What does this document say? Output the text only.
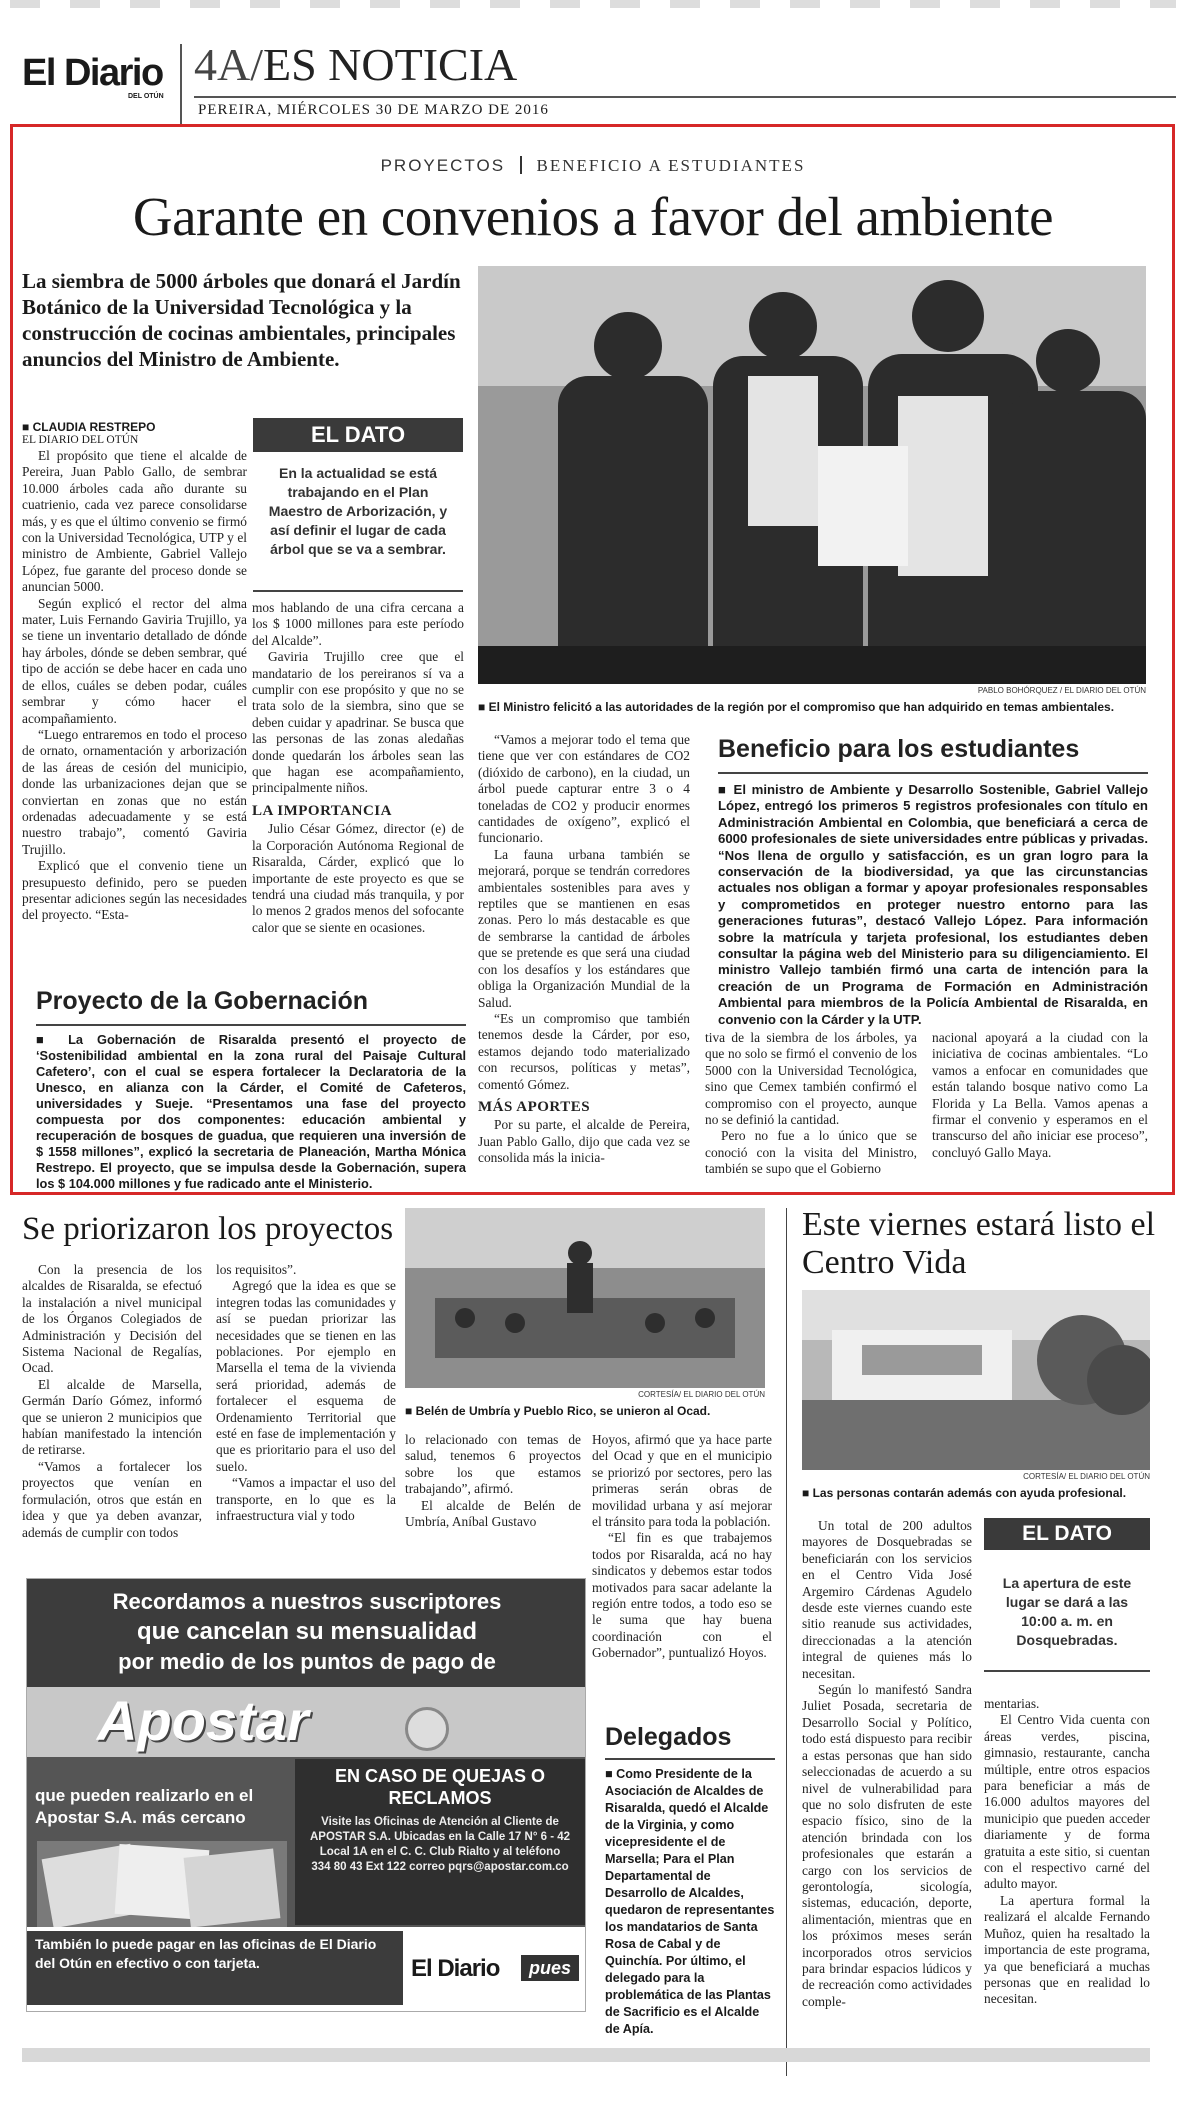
El Diario
DEL OTÚN
4A/ES NOTICIA
PEREIRA, MIÉRCOLES 30 DE MARZO DE 2016
PROYECTOS BENEFICIO A ESTUDIANTES
Garante en convenios a favor del ambiente
La siembra de 5000 árboles que donará el Jardín Botánico de la Universidad Tecnológica y la construcción de cocinas ambientales, principales anuncios del Ministro de Ambiente.
■ CLAUDIA RESTREPO
EL DIARIO DEL OTÚN

El propósito que tiene el alcalde de Pereira, Juan Pablo Gallo, de sembrar 10.000 árboles cada año durante su cuatrienio, cada vez parece consolidarse más, y es que el último convenio se firmó con la Universidad Tecnológica, UTP y el ministro de Ambiente, Gabriel Vallejo López, fue garante del proceso donde se anuncian 5000.

Según explicó el rector del alma mater, Luis Fernando Gaviria Trujillo, ya se tiene un inventario detallado de dónde hay árboles, dónde se deben sembrar, qué tipo de acción se debe hacer en cada uno de ellos, cuáles se deben podar, cuáles sembrar y cómo hacer el acompañamiento.

“Luego entraremos en todo el proceso de ornato, ornamentación y arborización de las áreas de cesión del municipio, donde las urbanizaciones dejan que se conviertan en zonas que no están ordenadas adecuadamente y se está nuestro trabajo”, comentó Gaviria Trujillo.

Explicó que el convenio tiene un presupuesto definido, pero se pueden presentar adiciones según las necesidades del proyecto. “Esta-

EL DATO
En la actualidad se está trabajando en el Plan Maestro de Arborización, y así definir el lugar de cada árbol que se va a sembrar.

mos hablando de una cifra cercana a los $ 1000 millones para este período del Alcalde”.

Gaviria Trujillo cree que el mandatario de los pereiranos sí va a cumplir con ese propósito y que no se trata solo de la siembra, sino que se deben cuidar y apadrinar. Se busca que las personas de las zonas aledañas donde quedarán los árboles sean las que hagan ese acompañamiento, principalmente niños.

LA IMPORTANCIA

Julio César Gómez, director (e) de la Corporación Autónoma Regional de Risaralda, Cárder, explicó que lo importante de este proyecto es que se tendrá una ciudad más tranquila, y por lo menos 2 grados menos del sofocante calor que se siente en ocasiones.

PABLO BOHÓRQUEZ / EL DIARIO DEL OTÚN
■ El Ministro felicitó a las autoridades de la región por el compromiso que han adquirido en temas ambientales.

“Vamos a mejorar todo el tema que tiene que ver con estándares de CO2 (dióxido de carbono), en la ciudad, un árbol puede capturar entre 3 o 4 toneladas de CO2 y producir enormes cantidades de oxígeno”, explicó el funcionario.

La fauna urbana también se mejorará, porque se tendrán corredores ambientales sostenibles para aves y reptiles que se mantienen en esas zonas. Pero lo más destacable es que de sembrarse la cantidad de árboles que se pretende es que será una ciudad con los desafíos y los estándares que obliga la Organización Mundial de la Salud.

“Es un compromiso que también tenemos desde la Cárder, por eso, estamos dejando todo materializado con recursos, políticas y metas”, comentó Gómez.

MÁS APORTES

Por su parte, el alcalde de Pereira, Juan Pablo Gallo, dijo que cada vez se consolida más la inicia-

Beneficio para los estudiantes
■ El ministro de Ambiente y Desarrollo Sostenible, Gabriel Vallejo López, entregó los primeros 5 registros profesionales con título en Administración Ambiental en Colombia, que beneficiará a cerca de 6000 profesionales de siete universidades entre públicas y privadas. “Nos llena de orgullo y satisfacción, es un gran logro para la conservación de la biodiversidad, ya que las circunstancias actuales nos obligan a formar y apoyar profesionales responsables y comprometidos en proteger nuestro entorno para las generaciones futuras”, destacó Vallejo López. Para información sobre la matrícula y tarjeta profesional, los estudiantes deben consultar la página web del Ministerio para su diligenciamiento. El ministro Vallejo también firmó una carta de intención para la creación de un Programa de Formación en Administración Ambiental para miembros de la Policía Ambiental de Risaralda, en convenio con la Cárder y la UTP.

tiva de la siembra de los árboles, ya que no solo se firmó el convenio de los 5000 con la Universidad Tecnológica, sino que Cemex también confirmó el compromiso con el proyecto, aunque no se definió la cantidad.

Pero no fue a lo único que se conoció con la visita del Ministro, también se supo que el Gobierno

nacional apoyará a la ciudad con la iniciativa de cocinas ambientales. “Lo vamos a enfocar en comunidades que están talando bosque nativo como La Florida y La Bella. Vamos apenas a firmar el convenio y esperamos en el transcurso del año iniciar ese proceso”, concluyó Gallo Maya.

Proyecto de la Gobernación
■ La Gobernación de Risaralda presentó el proyecto de ‘Sostenibilidad ambiental en la zona rural del Paisaje Cultural Cafetero’, con el cual se espera fortalecer la Declaratoria de la Unesco, en alianza con la Cárder, el Comité de Cafeteros, universidades y Sueje. “Presentamos una fase del proyecto compuesta por dos componentes: educación ambiental y recuperación de bosques de guadua, que requieren una inversión de $ 1558 millones”, explicó la secretaria de Planeación, Martha Mónica Restrepo. El proyecto, que se impulsa desde la Gobernación, supera los $ 104.000 millones y fue radicado ante el Ministerio.
Se priorizaron los proyectos

Con la presencia de los alcaldes de Risaralda, se efectuó la instalación a nivel municipal de los Órganos Colegiados de Administración y Decisión del Sistema Nacional de Regalías, Ocad.

El alcalde de Marsella, Germán Darío Gómez, informó que se unieron 2 municipios que habían manifestado la intención de retirarse.

“Vamos a fortalecer los proyectos que venían en formulación, otros que están en idea y que ya deben avanzar, además de cumplir con todos

los requisitos”.

Agregó que la idea es que se integren todas las comunidades y así se puedan priorizar las necesidades que se tienen en las poblaciones. Por ejemplo en Marsella el tema de la vivienda será prioridad, además de fortalecer el esquema de Ordenamiento Territorial que esté en fase de implementación y que es prioritario para el uso del suelo.

“Vamos a impactar el uso del transporte, en lo que es la infraestructura vial y todo

CORTESÍA/ EL DIARIO DEL OTÚN
■ Belén de Umbría y Pueblo Rico, se unieron al Ocad.

lo relacionado con temas de salud, tenemos 6 proyectos sobre los que estamos trabajando”, afirmó.

El alcalde de Belén de Umbría, Aníbal Gustavo

Hoyos, afirmó que ya hace parte del Ocad y que en el municipio se priorizó por sectores, pero las primeras serán obras de movilidad urbana y así mejorar el tránsito para toda la población.

“El fin es que trabajemos todos por Risaralda, acá no hay sindicatos y debemos estar todos motivados para sacar adelante la región entre todos, a todo eso se le suma que hay buena coordinación con el Gobernador”, puntualizó Hoyos.

Delegados
■ Como Presidente de la Asociación de Alcaldes de Risaralda, quedó el Alcalde de la Virginia, y como vicepresidente el de Marsella; Para el Plan Departamental de Desarrollo de Alcaldes, quedaron de representantes los mandatarios de Santa Rosa de Cabal y de Quinchía. Por último, el delegado para la problemática de las Plantas de Sacrificio es el Alcalde de Apía.
Recordamos a nuestros suscriptores
que cancelan su mensualidad
por medio de los puntos de pago de
Apostar
que pueden realizarlo en el Apostar S.A. más cercano
EN CASO DE QUEJAS O RECLAMOS
Visite las Oficinas de Atención al Cliente de APOSTAR S.A. Ubicadas en la Calle 17 N° 6 - 42 Local 1A en el C. C. Club Rialto y al teléfono 334 80 43 Ext 122 correo pqrs@apostar.com.co
También lo puede pagar en las oficinas de El Diario del Otún en efectivo o con tarjeta.	El Diario	pues
Este viernes estará listo el Centro Vida
CORTESÍA/ EL DIARIO DEL OTÚN
■ Las personas contarán además con ayuda profesional.

Un total de 200 adultos mayores de Dosquebradas se beneficiarán con los servicios en el Centro Vida José Argemiro Cárdenas Agudelo desde este viernes cuando este sitio reanude sus actividades, direccionadas a la atención integral de quienes más lo necesitan.

Según lo manifestó Sandra Juliet Posada, secretaria de Desarrollo Social y Político, todo está dispuesto para recibir a estas personas que han sido seleccionadas de acuerdo a su nivel de vulnerabilidad para que no solo disfruten de este espacio físico, sino de la atención brindada con los profesionales que estarán a cargo con los servicios de gerontología, sicología, sistemas, educación, deporte, alimentación, mientras que en los próximos meses serán incorporados otros servicios para brindar espacios lúdicos y de recreación como actividades comple-

EL DATO
La apertura de este lugar se dará a las 10:00 a. m. en Dosquebradas.

mentarias.

El Centro Vida cuenta con áreas verdes, piscina, gimnasio, restaurante, cancha múltiple, entre otros espacios para beneficiar a más de 16.000 adultos mayores del municipio que pueden acceder diariamente y de forma gratuita a este sitio, si cuentan con el respectivo carné del adulto mayor.

La apertura formal la realizará el alcalde Fernando Muñoz, quien ha resaltado la importancia de este programa, ya que beneficiará a muchas personas que en realidad lo necesitan.
